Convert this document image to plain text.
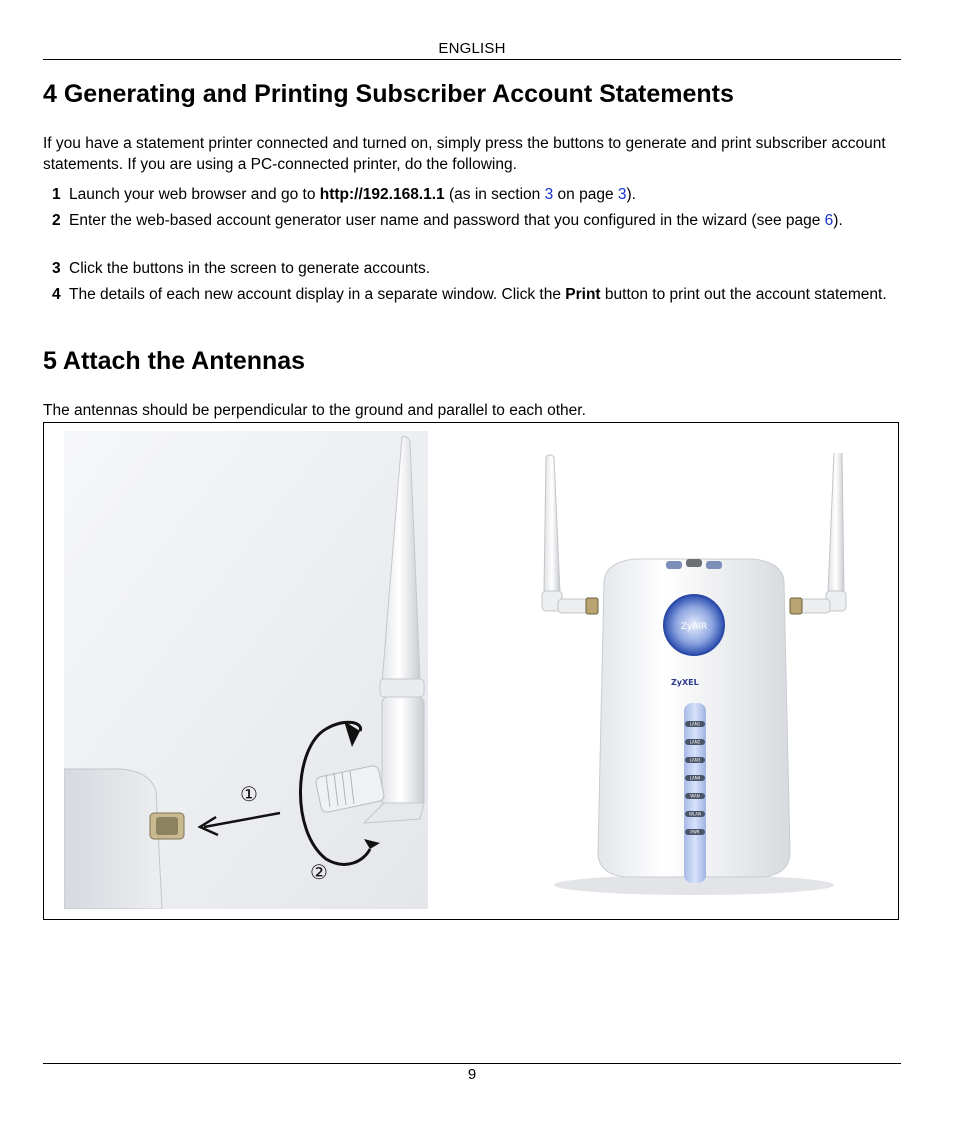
ENGLISH
4 Generating and Printing Subscriber Account Statements

If you have a statement printer connected and turned on, simply press the buttons to generate and print subscriber account statements. If you are using a PC-connected printer, do the following.

1 Launch your web browser and go to http://192.168.1.1 (as in section 3 on page 3).
2 Enter the web-based account generator user name and password that you configured in the wizard (see page 6).
3 Click the buttons in the screen to generate accounts.
4 The details of each new account display in a separate window. Click the Print button to print out the account statement.
5 Attach the Antennas

The antennas should be perpendicular to the ground and parallel to each other.

①
②
ZyAIR
ZyXEL
LAN1
LAN2
LAN3
LAN4
WAN
WLAN
PWR
9
